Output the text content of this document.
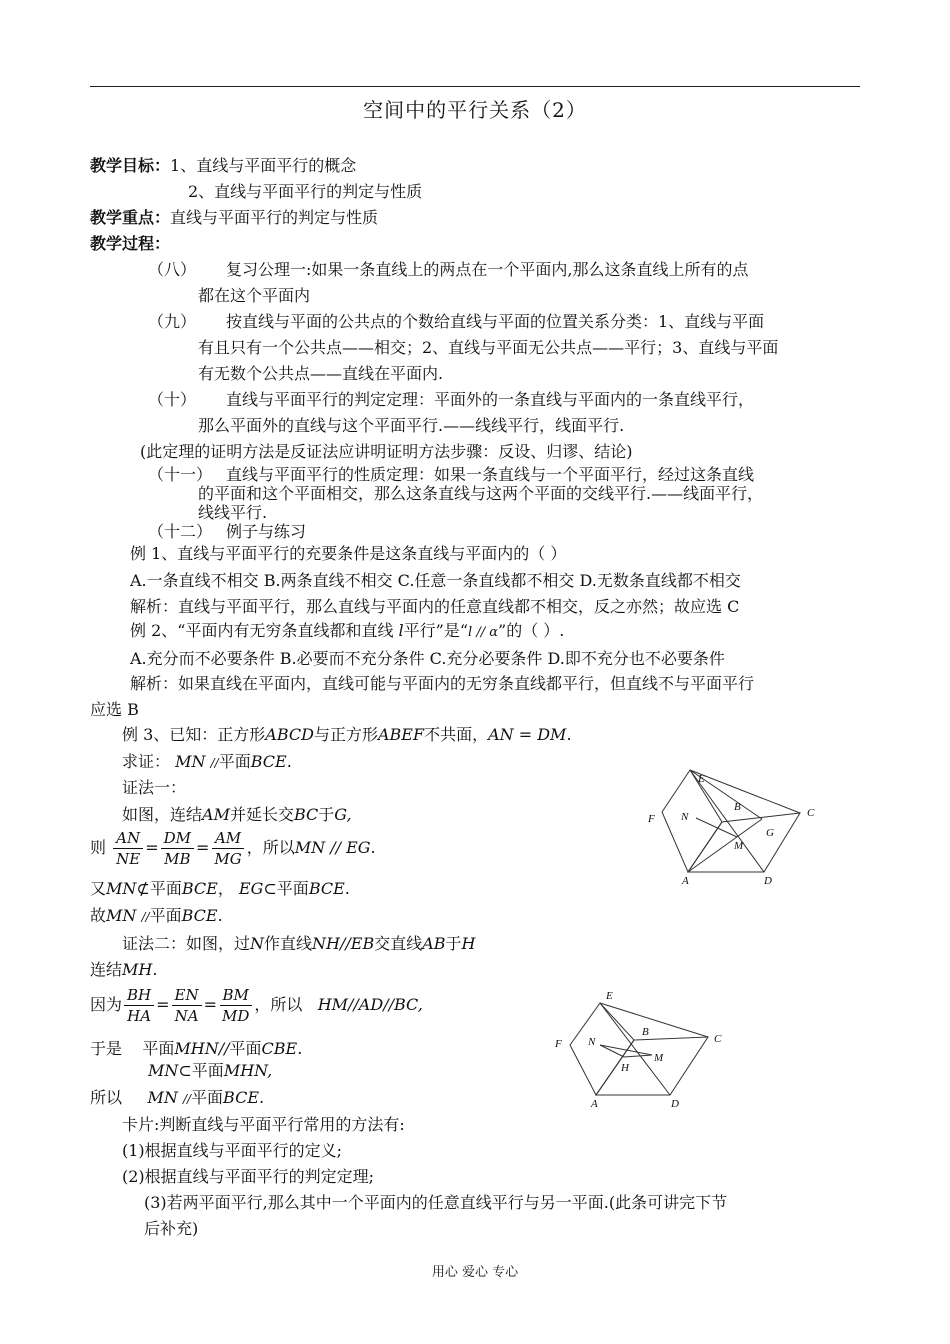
空间中的平行关系（2）
教学目标：1、直线与平面平行的概念
2、直线与平面平行的判定与性质
教学重点：直线与平面平行的判定与性质
教学过程：
（八） 复习公理一:如果一条直线上的两点在一个平面内,那么这条直线上所有的点
都在这个平面内
（九） 按直线与平面的公共点的个数给直线与平面的位置关系分类：1、直线与平面
有且只有一个公共点——相交；2、直线与平面无公共点——平行；3、直线与平面
有无数个公共点——直线在平面内.
（十） 直线与平面平行的判定定理：平面外的一条直线与平面内的一条直线平行，
那么平面外的直线与这个平面平行.——线线平行，线面平行.
(此定理的证明方法是反证法应讲明证明方法步骤：反设、归谬、结论)
（十一） 直线与平面平行的性质定理：如果一条直线与一个平面平行，经过这条直线
的平面和这个平面相交，那么这条直线与这两个平面的交线平行.——线面平行，
线线平行.
（十二） 例子与练习
例 1、直线与平面平行的充要条件是这条直线与平面内的（ ）
A.一条直线不相交 B.两条直线不相交 C.任意一条直线都不相交 D.无数条直线都不相交
解析：直线与平面平行，那么直线与平面内的任意直线都不相交，反之亦然；故应选 C
例 2、“平面内有无穷条直线都和直线 l平行”是“l // α”的（ ）.
A.充分而不必要条件 B.必要而不充分条件 C.充分必要条件 D.即不充分也不必要条件
解析：如果直线在平面内，直线可能与平面内的无穷条直线都平行，但直线不与平面平行
应选 B
例 3、已知：正方形ABCD与正方形ABEF不共面，AN = DM.
求证： MN //平面BCE.
证法一：
如图，连结AM并延长交BC于G,
则 $\frac{AN}{NE} = \frac{DM}{MB} = \frac{AM}{MG}$ ，所以MN // EG.
又MN⊄平面BCE， EG⊂平面BCE.
故MN //平面BCE.
证法二：如图，过N作直线NH//EB交直线AB于H
连结MH.
因为 $\frac{BH}{HA} = \frac{EN}{NA} = \frac{BM}{MD}$ ，所以 HM//AD//BC,
于是 平面MHN//平面CBE.
MN⊂平面MHN,
所以 MN //平面BCE.
卡片:判断直线与平面平行常用的方法有:
(1)根据直线与平面平行的定义;
(2)根据直线与平面平行的判定定理;
(3)若两平面平行,那么其中一个平面内的任意直线平行与另一平面.(此条可讲完下节
后补充)
E
F N
B	C
G
M
A	D
E
F N
B
C
M
H
A	D
用心 爱心 专心
